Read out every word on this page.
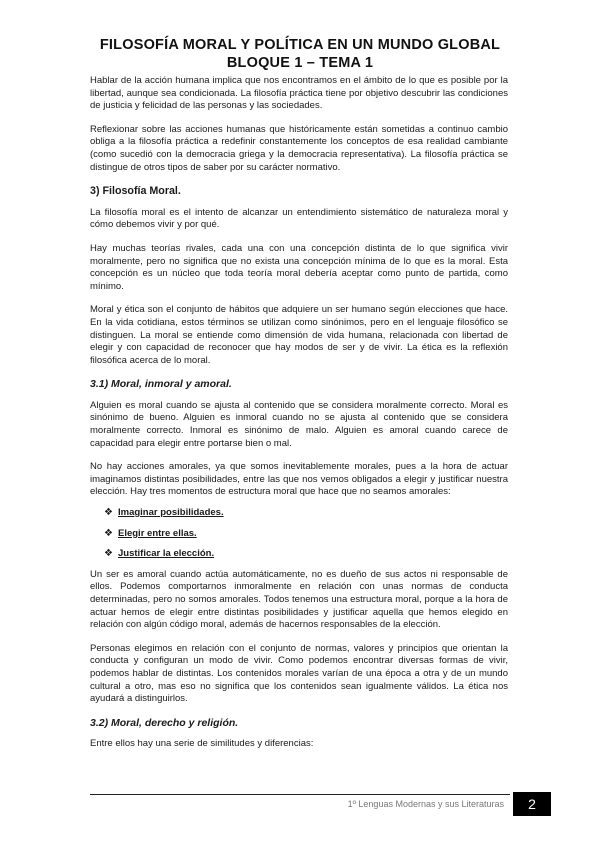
FILOSOFÍA MORAL Y POLÍTICA EN UN MUNDO GLOBAL
BLOQUE 1 – TEMA 1

Hablar de la acción humana implica que nos encontramos en el ámbito de lo que es posible por la libertad, aunque sea condicionada. La filosofía práctica tiene por objetivo descubrir las condiciones de justicia y felicidad de las personas y las sociedades.

Reflexionar sobre las acciones humanas que históricamente están sometidas a continuo cambio obliga a la filosofía práctica a redefinir constantemente los conceptos de esa realidad cambiante (como sucedió con la democracia griega y la democracia representativa). La filosofía práctica se distingue de otros tipos de saber por su carácter normativo.

3) Filosofía Moral.

La filosofía moral es el intento de alcanzar un entendimiento sistemático de naturaleza moral y cómo debemos vivir y por qué.

Hay muchas teorías rivales, cada una con una concepción distinta de lo que significa vivir moralmente, pero no significa que no exista una concepción mínima de lo que es la moral. Esta concepción es un núcleo que toda teoría moral debería aceptar como punto de partida, como mínimo.

Moral y ética son el conjunto de hábitos que adquiere un ser humano según elecciones que hace. En la vida cotidiana, estos términos se utilizan como sinónimos, pero en el lenguaje filosófico se distinguen. La moral se entiende como dimensión de vida humana, relacionada con libertad de elegir y con capacidad de reconocer que hay modos de ser y de vivir. La ética es la reflexión filosófica acerca de lo moral.

3.1) Moral, inmoral y amoral.

Alguien es moral cuando se ajusta al contenido que se considera moralmente correcto. Moral es sinónimo de bueno. Alguien es inmoral cuando no se ajusta al contenido que se considera moralmente correcto. Inmoral es sinónimo de malo. Alguien es amoral cuando carece de capacidad para elegir entre portarse bien o mal.

No hay acciones amorales, ya que somos inevitablemente morales, pues a la hora de actuar imaginamos distintas posibilidades, entre las que nos vemos obligados a elegir y justificar nuestra elección. Hay tres momentos de estructura moral que hace que no seamos amorales:

❖ Imaginar posibilidades.
❖ Elegir entre ellas.
❖ Justificar la elección.

Un ser es amoral cuando actúa automáticamente, no es dueño de sus actos ni responsable de ellos. Podemos comportarnos inmoralmente en relación con unas normas de conducta determinadas, pero no somos amorales. Todos tenemos una estructura moral, porque a la hora de actuar hemos de elegir entre distintas posibilidades y justificar aquella que hemos elegido en relación con algún código moral, además de hacernos responsables de la elección.

Personas elegimos en relación con el conjunto de normas, valores y principios que orientan la conducta y configuran un modo de vivir. Como podemos encontrar diversas formas de vivir, podemos hablar de distintas. Los contenidos morales varían de una época a otra y de un mundo cultural a otro, mas eso no significa que los contenidos sean igualmente válidos. La ética nos ayudará a distinguirlos.

3.2) Moral, derecho y religión.

Entre ellos hay una serie de similitudes y diferencias:

1º Lenguas Modernas y sus Literaturas	2
